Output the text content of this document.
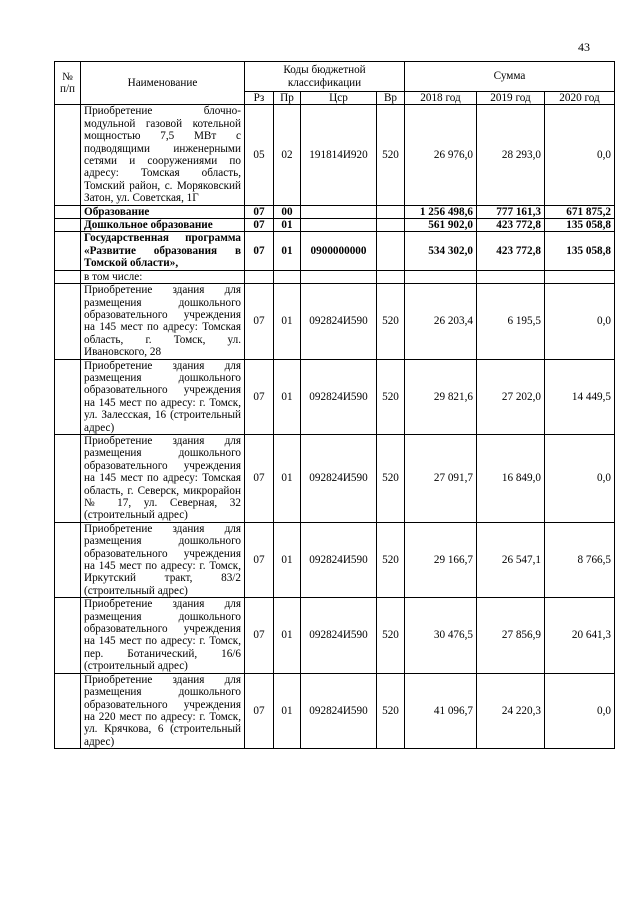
43
№ п/п	Наименование	Коды бюджетной классификации				Сумма		
		Рз	Пр	Цср	Вр	2018 год	2019 год	2020 год
	Приобретение блочно-модульной газовой котельной мощностью 7,5 МВт с подводящими инженерными сетями и сооружениями по адресу: Томская область, Томский район, с. Моряковский Затон, ул. Советская, 1Г	05	02	191814И920	520	26 976,0	28 293,0	0,0
	Образование	07	00			1 256 498,6	777 161,3	671 875,2
	Дошкольное образование	07	01			561 902,0	423 772,8	135 058,8
	Государственная программа «Развитие образования в Томской области»,	07	01	0900000000		534 302,0	423 772,8	135 058,8
	в том числе:							
	Приобретение здания для размещения дошкольного образовательного учреждения на 145 мест по адресу: Томская область, г. Томск, ул. Ивановского, 28	07	01	092824И590	520	26 203,4	6 195,5	0,0
	Приобретение здания для размещения дошкольного образовательного учреждения на 145 мест по адресу: г. Томск, ул. Залесская, 16 (строительный адрес)	07	01	092824И590	520	29 821,6	27 202,0	14 449,5
	Приобретение здания для размещения дошкольного образовательного учреждения на 145 мест по адресу: Томская область, г. Северск, микрорайон № 17, ул. Северная, 32 (строительный адрес)	07	01	092824И590	520	27 091,7	16 849,0	0,0
	Приобретение здания для размещения дошкольного образовательного учреждения на 145 мест по адресу: г. Томск, Иркутский тракт, 83/2 (строительный адрес)	07	01	092824И590	520	29 166,7	26 547,1	8 766,5
	Приобретение здания для размещения дошкольного образовательного учреждения на 145 мест по адресу: г. Томск, пер. Ботанический, 16/6 (строительный адрес)	07	01	092824И590	520	30 476,5	27 856,9	20 641,3
	Приобретение здания для размещения дошкольного образовательного учреждения на 220 мест по адресу: г. Томск, ул. Крячкова, 6 (строительный адрес)	07	01	092824И590	520	41 096,7	24 220,3	0,0
